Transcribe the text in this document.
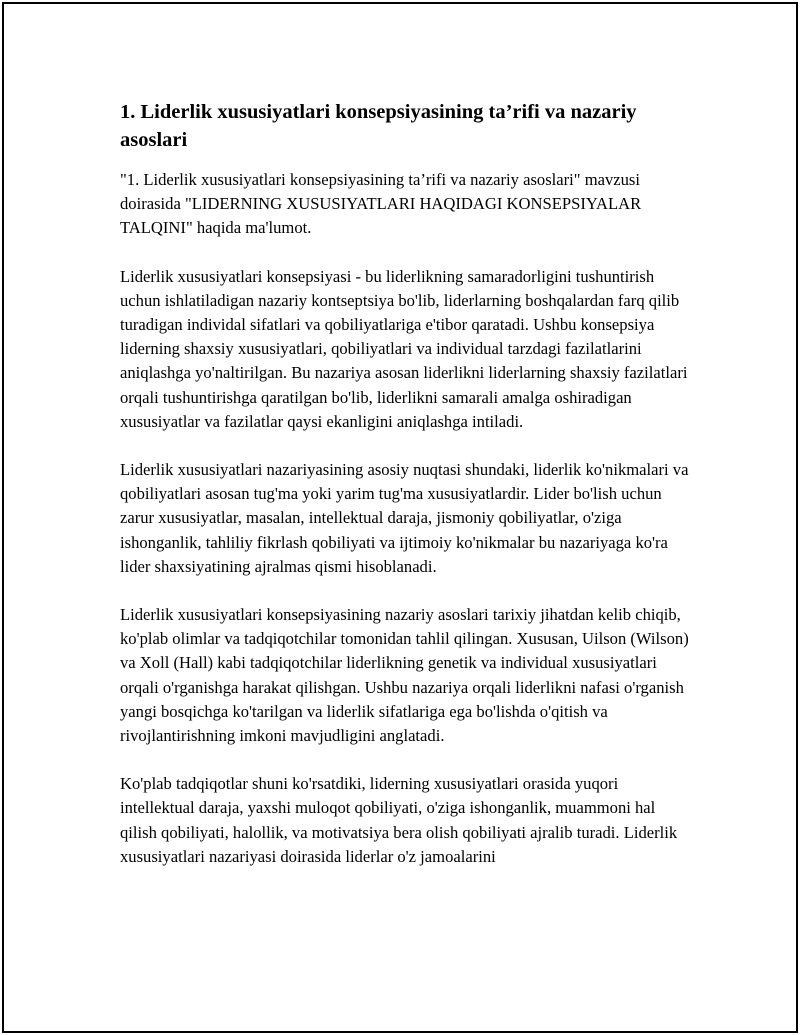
1. Liderlik xususiyatlari konsepsiyasining ta’rifi va nazariy asoslari

"1. Liderlik xususiyatlari konsepsiyasining ta’rifi va nazariy asoslari" mavzusi doirasida "LIDERNING XUSUSIYATLARI HAQIDAGI KONSEPSIYALAR TALQINI" haqida ma'lumot.

Liderlik xususiyatlari konsepsiyasi - bu liderlikning samaradorligini tushuntirish uchun ishlatiladigan nazariy kontseptsiya bo'lib, liderlarning boshqalardan farq qilib turadigan individal sifatlari va qobiliyatlariga e'tibor qaratadi. Ushbu konsepsiya liderning shaxsiy xususiyatlari, qobiliyatlari va individual tarzdagi fazilatlarini aniqlashga yo'naltirilgan. Bu nazariya asosan liderlikni liderlarning shaxsiy fazilatlari orqali tushuntirishga qaratilgan bo'lib, liderlikni samarali amalga oshiradigan xususiyatlar va fazilatlar qaysi ekanligini aniqlashga intiladi.

Liderlik xususiyatlari nazariyasining asosiy nuqtasi shundaki, liderlik ko'nikmalari va qobiliyatlari asosan tug'ma yoki yarim tug'ma xususiyatlardir. Lider bo'lish uchun zarur xususiyatlar, masalan, intellektual daraja, jismoniy qobiliyatlar, o'ziga ishonganlik, tahliliy fikrlash qobiliyati va ijtimoiy ko'nikmalar bu nazariyaga ko'ra lider shaxsiyatining ajralmas qismi hisoblanadi.

Liderlik xususiyatlari konsepsiyasining nazariy asoslari tarixiy jihatdan kelib chiqib, ko'plab olimlar va tadqiqotchilar tomonidan tahlil qilingan. Xususan, Uilson (Wilson) va Xoll (Hall) kabi tadqiqotchilar liderlikning genetik va individual xususiyatlari orqali o'rganishga harakat qilishgan. Ushbu nazariya orqali liderlikni nafasi o'rganish yangi bosqichga ko'tarilgan va liderlik sifatlariga ega bo'lishda o'qitish va rivojlantirishning imkoni mavjudligini anglatadi.

Ko'plab tadqiqotlar shuni ko'rsatdiki, liderning xususiyatlari orasida yuqori intellektual daraja, yaxshi muloqot qobiliyati, o'ziga ishonganlik, muammoni hal qilish qobiliyati, halollik, va motivatsiya bera olish qobiliyati ajralib turadi. Liderlik xususiyatlari nazariyasi doirasida liderlar o'z jamoalarini
